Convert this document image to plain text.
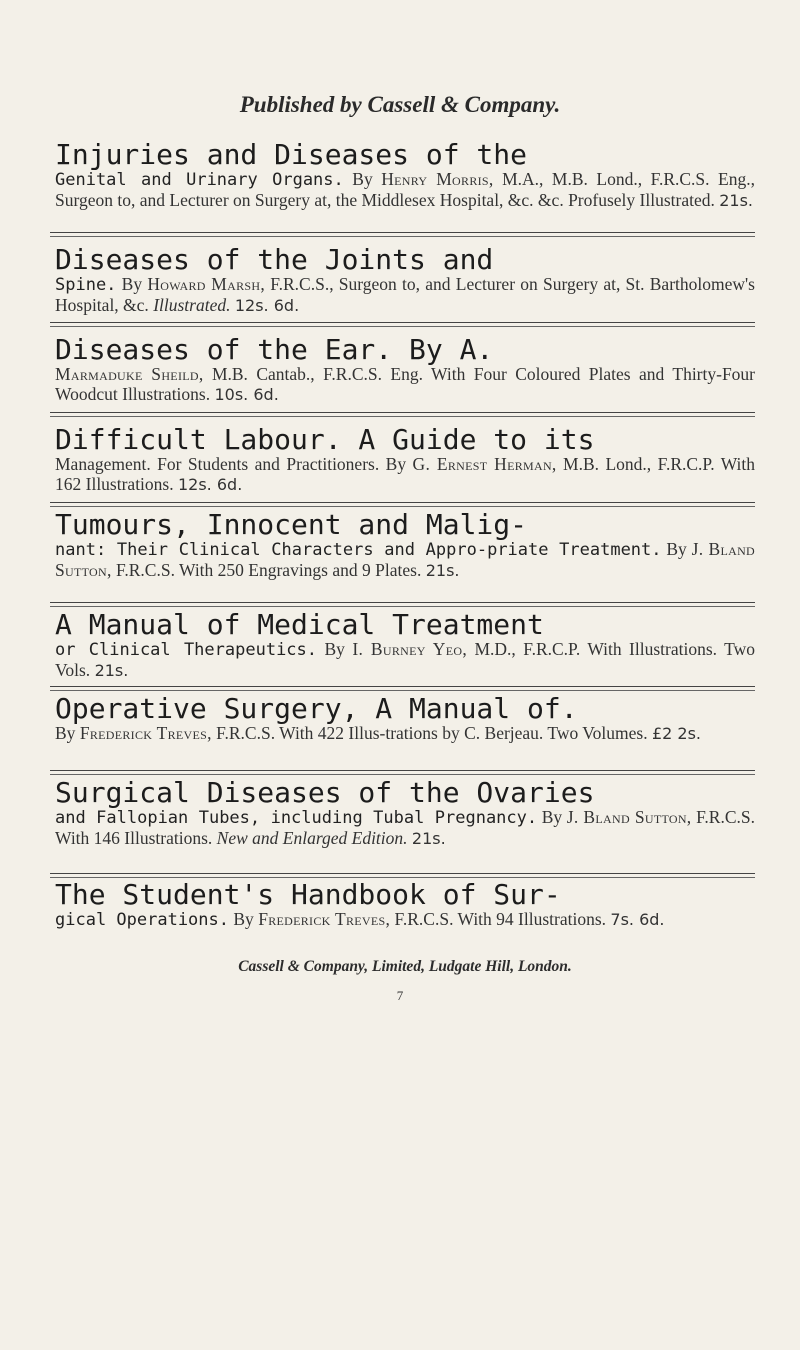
Published by Cassell & Company.
Injuries and Diseases of the
Genital and Urinary Organs. By Henry Morris, M.A., M.B. Lond., F.R.C.S. Eng., Surgeon to, and Lecturer on Surgery at, the Middlesex Hospital, &c. &c. Profusely Illustrated. 21s.
Diseases of the Joints and
Spine. By Howard Marsh, F.R.C.S., Surgeon to, and Lecturer on Surgery at, St. Bartholomew's Hospital, &c. Illustrated. 12s. 6d.
Diseases of the Ear. By A.
Marmaduke Sheild, M.B. Cantab., F.R.C.S. Eng. With Four Coloured Plates and Thirty-Four Woodcut Illustrations. 10s. 6d.
Difficult Labour. A Guide to its
Management. For Students and Practitioners. By G. Ernest Herman, M.B. Lond., F.R.C.P. With 162 Illustrations. 12s. 6d.
Tumours, Innocent and Malig-
nant: Their Clinical Characters and Appro-priate Treatment. By J. Bland Sutton, F.R.C.S. With 250 Engravings and 9 Plates. 21s.
A Manual of Medical Treatment
or Clinical Therapeutics. By I. Burney Yeo, M.D., F.R.C.P. With Illustrations. Two Vols. 21s.
Operative Surgery, A Manual of.
By Frederick Treves, F.R.C.S. With 422 Illus-trations by C. Berjeau. Two Volumes. £2 2s.
Surgical Diseases of the Ovaries
and Fallopian Tubes, including Tubal Pregnancy. By J. Bland Sutton, F.R.C.S. With 146 Illustrations. New and Enlarged Edition. 21s.
The Student's Handbook of Sur-
gical Operations. By Frederick Treves, F.R.C.S. With 94 Illustrations. 7s. 6d.
Cassell & Company, Limited, Ludgate Hill, London.
7
